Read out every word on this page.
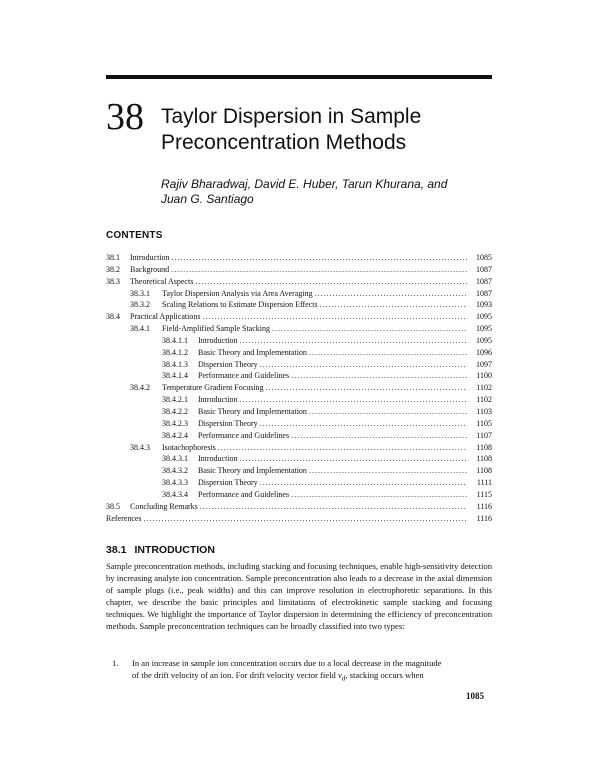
38 Taylor Dispersion in Sample
Preconcentration Methods
Rajiv Bharadwaj, David E. Huber, Tarun Khurana, and
Juan G. Santiago
CONTENTS
38.1	Introduction . . .	1085
38.2	Background . . .	1087
38.3	Theoretical Aspects . . .	1087
38.3.1	Taylor Dispersion Analysis via Area Averaging . . .	1087
38.3.2	Scaling Relations to Estimate Dispersion Effects . . .	1093
38.4	Practical Applications . . .	1095
38.4.1	Field-Amplified Sample Stacking . . .	1095
38.4.1.1	Introduction . . .	1095
38.4.1.2	Basic Theory and Implementation . . .	1096
38.4.1.3	Dispersion Theory . . .	1097
38.4.1.4	Performance and Guidelines . . .	1100
38.4.2	Temperature Gradient Focusing . . .	1102
38.4.2.1	Introduction . . .	1102
38.4.2.2	Basic Theory and Implementation . . .	1103
38.4.2.3	Dispersion Theory . . .	1105
38.4.2.4	Performance and Guidelines . . .	1107
38.4.3	Isotachophoresis . . .	1108
38.4.3.1	Introduction . . .	1108
38.4.3.2	Basic Theory and Implementation . . .	1108
38.4.3.3	Dispersion Theory . . .	1111
38.4.3.4	Performance and Guidelines . . .	1115
38.5	Concluding Remarks . . .	1116
References . . .	1116
38.1 INTRODUCTION

Sample preconcentration methods, including stacking and focusing techniques, enable high-sensitivity detection by increasing analyte ion concentration. Sample preconcentration also leads to a decrease in the axial dimension of sample plugs (i.e., peak widths) and this can improve resolution in electrophoretic separations. In this chapter, we describe the basic principles and limitations of electrokinetic sample stacking and focusing techniques. We highlight the importance of Taylor dispersion in determining the efficiency of preconcentration methods. Sample preconcentration techniques can be broadly classified into two types:

1. In an increase in sample ion concentration occurs due to a local decrease in the magnitude
of the drift velocity of an ion. For drift velocity vector field $v_d$, stacking occurs when
1085
